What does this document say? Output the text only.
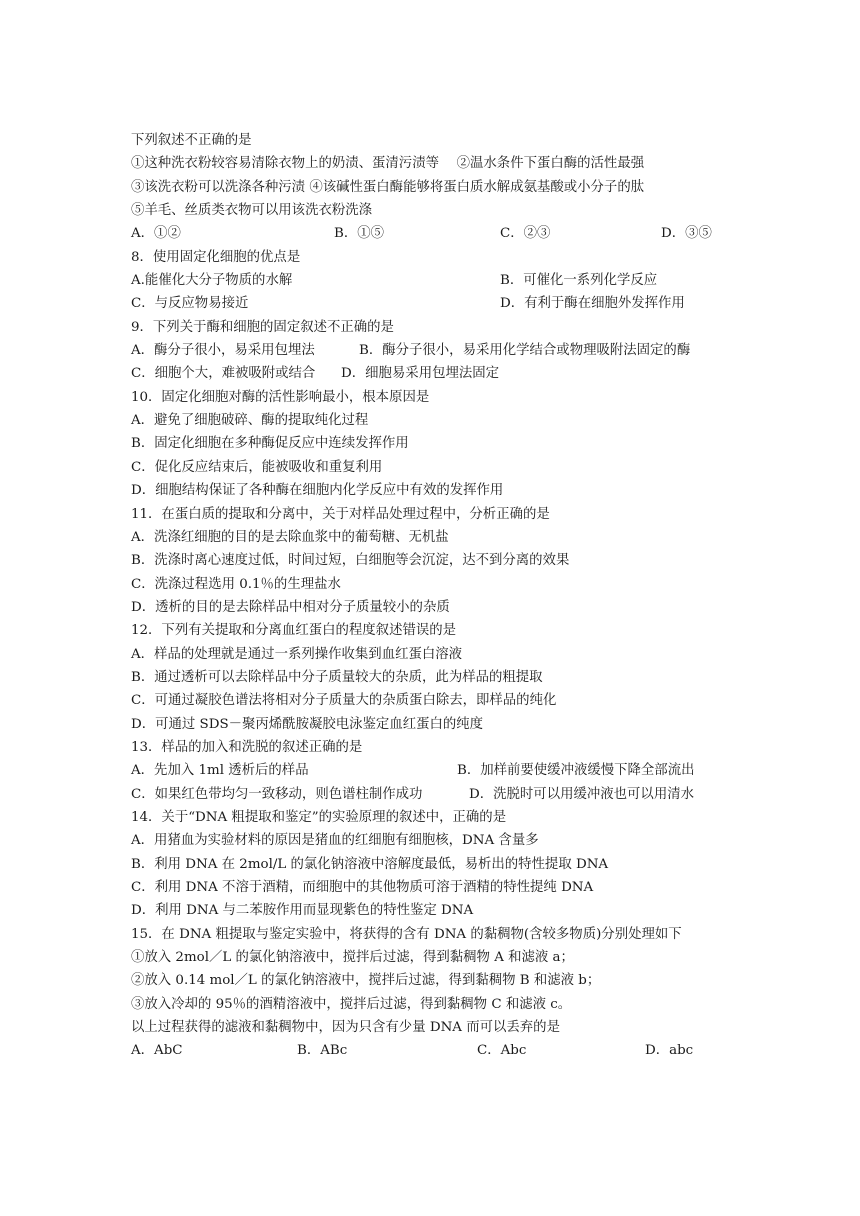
下列叙述不正确的是
①这种洗衣粉较容易清除衣物上的奶渍、蛋清污渍等　 ②温水条件下蛋白酶的活性最强
③该洗衣粉可以洗涤各种污渍 ④该碱性蛋白酶能够将蛋白质水解成氨基酸或小分子的肽
⑤羊毛、丝质类衣物可以用该洗衣粉洗涤
A．①②	B．①⑤	C．②③	D．③⑤
8．使用固定化细胞的优点是
A.能催化大分子物质的水解	B．可催化一系列化学反应
C．与反应物易接近	D．有利于酶在细胞外发挥作用
9．下列关于酶和细胞的固定叙述不正确的是
A．酶分子很小，易采用包埋法	B．酶分子很小，易采用化学结合或物理吸附法固定的酶
C．细胞个大，难被吸附或结合 D．细胞易采用包埋法固定
10．固定化细胞对酶的活性影响最小，根本原因是
A．避免了细胞破碎、酶的提取纯化过程
B．固定化细胞在多种酶促反应中连续发挥作用
C．促化反应结束后，能被吸收和重复利用
D．细胞结构保证了各种酶在细胞内化学反应中有效的发挥作用
11．在蛋白质的提取和分离中，关于对样品处理过程中，分析正确的是
A．洗涤红细胞的目的是去除血浆中的葡萄糖、无机盐
B．洗涤时离心速度过低，时间过短，白细胞等会沉淀，达不到分离的效果
C．洗涤过程选用 0.1％的生理盐水
D．透析的目的是去除样品中相对分子质量较小的杂质
12．下列有关提取和分离血红蛋白的程度叙述错误的是
A．样品的处理就是通过一系列操作收集到血红蛋白溶液
B．通过透析可以去除样品中分子质量较大的杂质，此为样品的粗提取
C．可通过凝胶色谱法将相对分子质量大的杂质蛋白除去，即样品的纯化
D．可通过 SDS－聚丙烯酰胺凝胶电泳鉴定血红蛋白的纯度
13．样品的加入和洗脱的叙述正确的是
A．先加入 1ml 透析后的样品	B．加样前要使缓冲液缓慢下降全部流出
C．如果红色带均匀一致移动，则色谱柱制作成功	D．洗脱时可以用缓冲液也可以用清水
14．关于“DNA 粗提取和鉴定”的实验原理的叙述中，正确的是
A．用猪血为实验材料的原因是猪血的红细胞有细胞核，DNA 含量多
B．利用 DNA 在 2mol/L 的氯化钠溶液中溶解度最低，易析出的特性提取 DNA
C．利用 DNA 不溶于酒精，而细胞中的其他物质可溶于酒精的特性提纯 DNA
D．利用 DNA 与二苯胺作用而显现紫色的特性鉴定 DNA
15．在 DNA 粗提取与鉴定实验中，将获得的含有 DNA 的黏稠物(含较多物质)分别处理如下
①放入 2mol／L 的氯化钠溶液中，搅拌后过滤，得到黏稠物 A 和滤液 a；
②放入 0.14 mol／L 的氯化钠溶液中，搅拌后过滤，得到黏稠物 B 和滤液 b；
③放入冷却的 95％的酒精溶液中，搅拌后过滤，得到黏稠物 C 和滤液 c。
以上过程获得的滤液和黏稠物中，因为只含有少量 DNA 而可以丢弃的是
A．AbC	B．ABc	C．Abc	D．abc
